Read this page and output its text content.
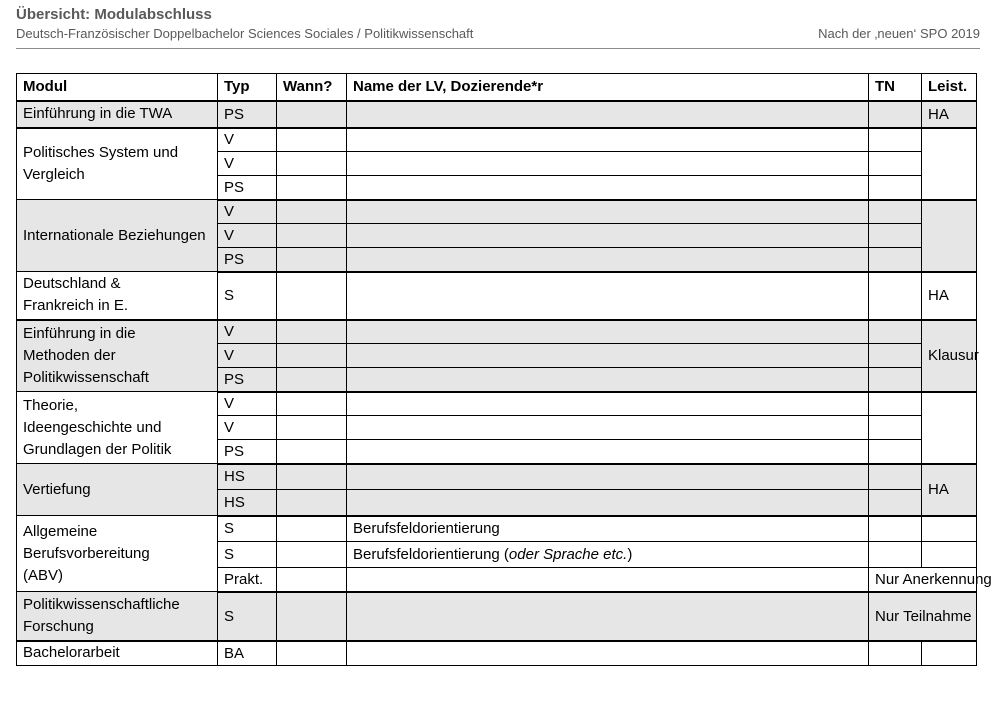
Übersicht: Modulabschluss
Deutsch-Französischer Doppelbachelor Sciences Sociales / Politikwissenschaft	Nach der ‚neuen‘ SPO 2019
Modul	Typ	Wann?	Name der LV, Dozierende*r	TN	Leist.
Einführung in die TWA	PS				HA
Politisches System und Vergleich	V				
	V				
	PS				
Internationale Beziehungen	V				
	V				
	PS				
Deutschland &
Frankreich in E.	S				HA
Einführung in die
Methoden der
Politikwissenschaft	V				Klausur
	V				
	PS				
Theorie,
Ideengeschichte und
Grundlagen der Politik	V				
	V				
	PS				
Vertiefung	HS				HA
	HS				
Allgemeine
Berufsvorbereitung
(ABV)	S		Berufsfeldorientierung		
	S		Berufsfeldorientierung (oder Sprache etc.)		
	Prakt.			Nur Anerkennung	
Politikwissenschaftliche
Forschung	S			Nur Teilnahme	
Bachelorarbeit	BA				
